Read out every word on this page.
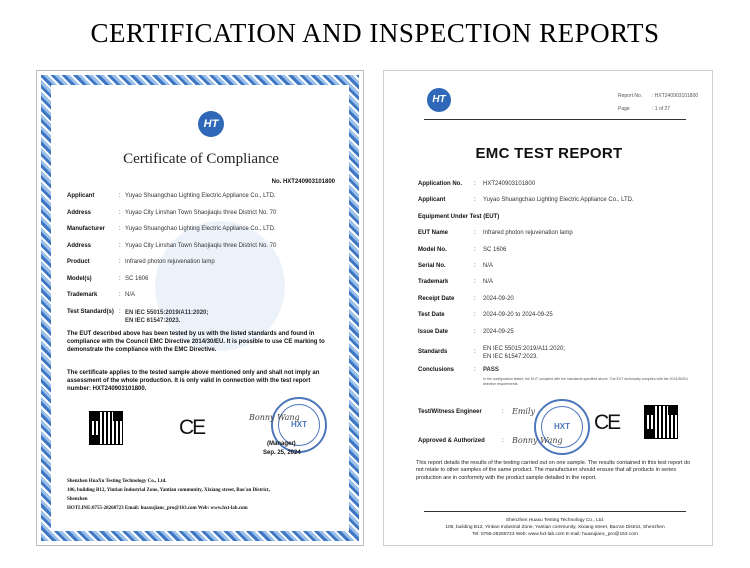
CERTIFICATION AND INSPECTION REPORTS
HT
Certificate of Compliance
No. HXT240903101800
Applicant	: Yuyao Shuangchao Lighting Electric Appliance Co., LTD.
Address	: Yuyao City Linshan Town Shaojiaqiu three District No. 70
Manufacturer : Yuyao Shuangchao Lighting Electric Appliance Co., LTD.
Address	: Yuyao City Linshan Town Shaojiaqiu three District No. 70
Product	: Infrared photon rejuvenation lamp
Model(s)	: SC 1606
Trademark	: N/A
Test Standard(s) : EN IEC 55015:2019/A11:2020;
EN IEC 61547:2023.
The EUT described above has been tested by us with the listed standards and found in compliance with the Council EMC Directive 2014/30/EU. It is possible to use CE marking to demonstrate the compliance with the EMC Directive.
The certificate applies to the tested sample above mentioned only and shall not imply an assessment of the whole production. It is only valid in connection with the test report number: HXT240903101800.
CE	HXT
Bonny Wang
(Manager)
Sep. 25, 2024
Shenzhen HuaXu Testing Technology Co., Ltd.
106, building B12, Yintian Industrial Zone, Yantian community, Xixiang street, Bao'an District,
Shenzhen
HOTLINE:0755-28268723 Email: huaxujianc_pro@163.com Web: www.hxt-lab.com
HT	Report No. : HXT240903101800
Page	: 1 of 27
EMC TEST REPORT
Application No. : HXT240903101800
Applicant	: Yuyao Shuangchao Lighting Electric Appliance Co., LTD.
Equipment Under Test (EUT)
EUT Name	: Infrared photon rejuvenation lamp
Model No.	: SC 1606
Serial No.	: N/A
Trademark	: N/A
Receipt Date	: 2024-09-20
Test Date	: 2024-09-20 to 2024-09-25
Issue Date	: 2024-09-25
Standards	: EN IEC 55015:2019/A11:2020;
EN IEC 61547:2023.
Conclusions	: PASS
In the configuration tested, the EUT complied with the standards specified above. The EUT technically complies with the 2014/30/EU directive requirements.
Test/Witness Engineer	: Emily
Approved & Authorized	: Bonny Wang
HXT	CE
This report details the results of the testing carried out on one sample. The results contained in this test report do not relate to other samples of the same product. The manufacturer should ensure that all products in series production are in conformity with the product sample detailed in the report.
Shenzhen Huaxu Testing Technology Co., Ltd.
106, building B12, Yintian Industrial Zone, Yantian community, Xixiang street, Bao'an District, Shenzhen
Tel: 0755-28268723 Web: www.hxt-lab.com E-mail: huaxujianc_pro@163.com
